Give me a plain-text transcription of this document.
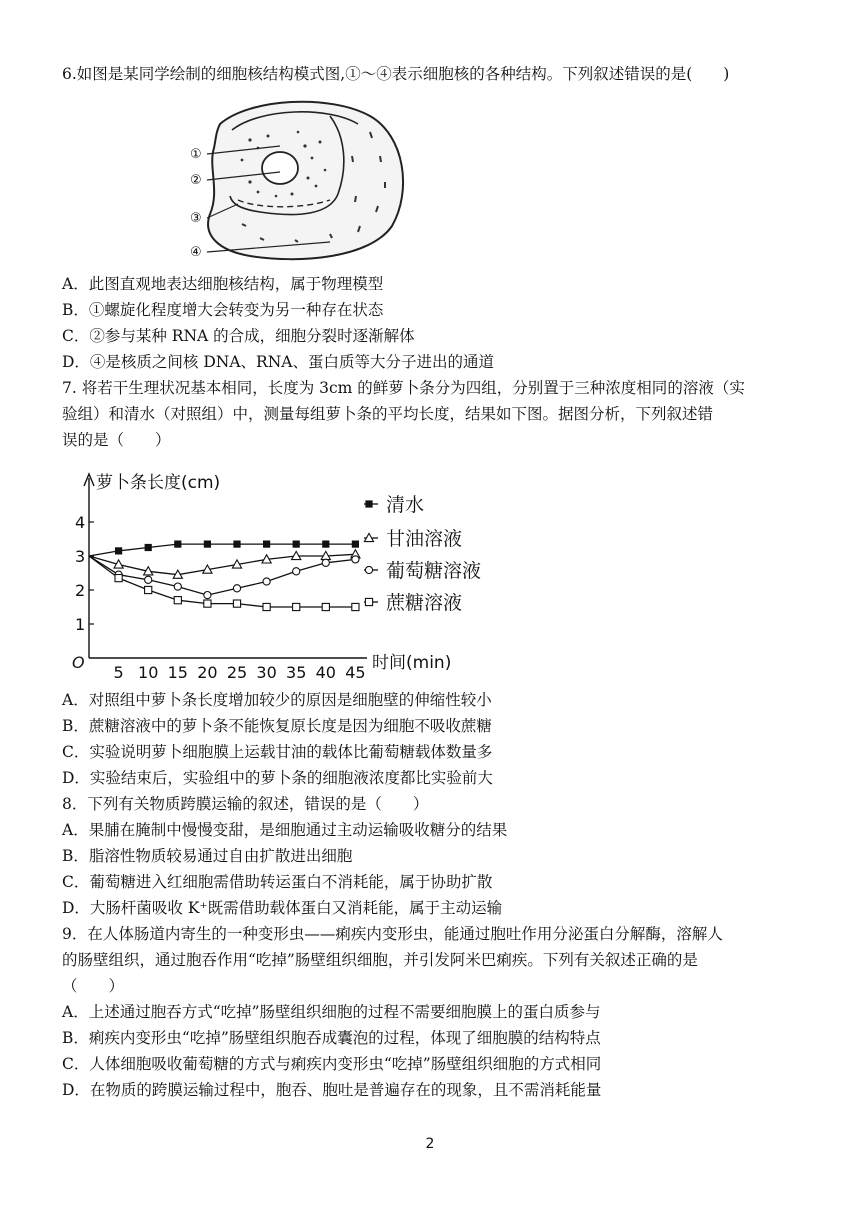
6.如图是某同学绘制的细胞核结构模式图,①～④表示细胞核的各种结构。下列叙述错误的是(　　)
①
②
③
④
A．此图直观地表达细胞核结构，属于物理模型
B．①螺旋化程度增大会转变为另一种存在状态
C．②参与某种 RNA 的合成，细胞分裂时逐渐解体
D．④是核质之间核 DNA、RNA、蛋白质等大分子进出的通道
7. 将若干生理状况基本相同，长度为 3cm 的鲜萝卜条分为四组，分别置于三种浓度相同的溶液（实
验组）和清水（对照组）中，测量每组萝卜条的平均长度，结果如下图。据图分析，下列叙述错
误的是（　　）
萝卜条长度(cm)
时间(min)
O
1
2
3
4
5 10 15 20 25 30 35 40 45
清水
甘油溶液
葡萄糖溶液
蔗糖溶液
A．对照组中萝卜条长度增加较少的原因是细胞壁的伸缩性较小
B．蔗糖溶液中的萝卜条不能恢复原长度是因为细胞不吸收蔗糖
C．实验说明萝卜细胞膜上运载甘油的载体比葡萄糖载体数量多
D．实验结束后，实验组中的萝卜条的细胞液浓度都比实验前大
8．下列有关物质跨膜运输的叙述，错误的是（　　）
A．果脯在腌制中慢慢变甜，是细胞通过主动运输吸收糖分的结果
B．脂溶性物质较易通过自由扩散进出细胞
C．葡萄糖进入红细胞需借助转运蛋白不消耗能，属于协助扩散
D．大肠杆菌吸收 K⁺既需借助载体蛋白又消耗能，属于主动运输
9．在人体肠道内寄生的一种变形虫——痢疾内变形虫，能通过胞吐作用分泌蛋白分解酶，溶解人
的肠壁组织，通过胞吞作用“吃掉”肠壁组织细胞，并引发阿米巴痢疾。下列有关叙述正确的是
（　　）
A．上述通过胞吞方式“吃掉”肠壁组织细胞的过程不需要细胞膜上的蛋白质参与
B．痢疾内变形虫“吃掉”肠壁组织胞吞成囊泡的过程，体现了细胞膜的结构特点
C．人体细胞吸收葡萄糖的方式与痢疾内变形虫“吃掉”肠壁组织细胞的方式相同
D．在物质的跨膜运输过程中，胞吞、胞吐是普遍存在的现象，且不需消耗能量
2
